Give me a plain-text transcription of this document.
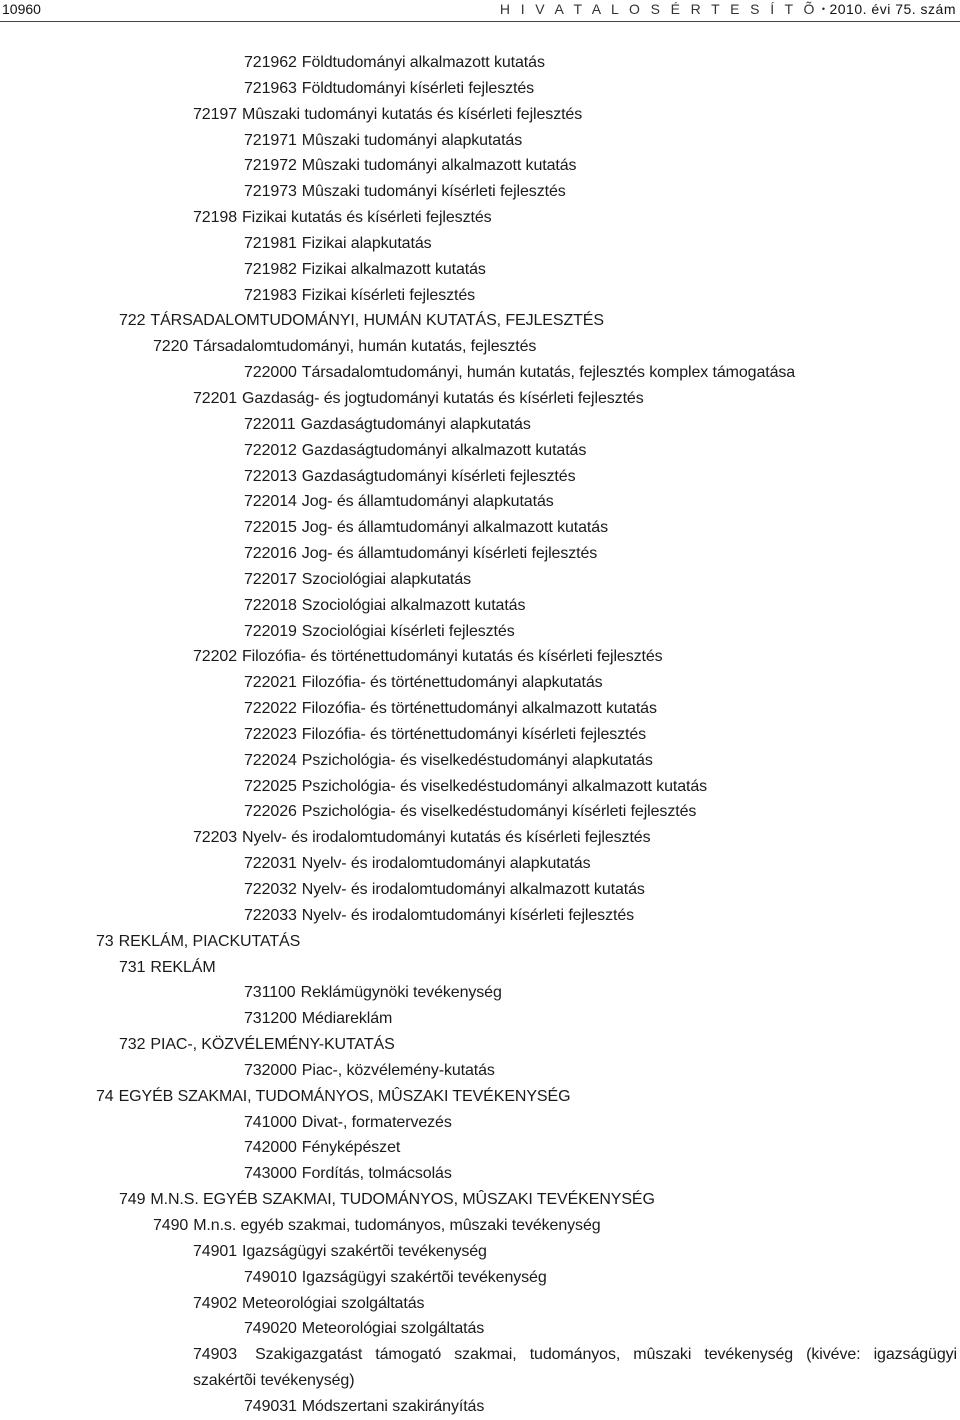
10960	H I V A T A L O S É R T E S Í T Õ • 2010. évi 75. szám
721962 Földtudományi alkalmazott kutatás
721963 Földtudományi kísérleti fejlesztés
72197 Mûszaki tudományi kutatás és kísérleti fejlesztés
721971 Mûszaki tudományi alapkutatás
721972 Mûszaki tudományi alkalmazott kutatás
721973 Mûszaki tudományi kísérleti fejlesztés
72198 Fizikai kutatás és kísérleti fejlesztés
721981 Fizikai alapkutatás
721982 Fizikai alkalmazott kutatás
721983 Fizikai kísérleti fejlesztés
722 TÁRSADALOMTUDOMÁNYI, HUMÁN KUTATÁS, FEJLESZTÉS
7220 Társadalomtudományi, humán kutatás, fejlesztés
722000 Társadalomtudományi, humán kutatás, fejlesztés komplex támogatása
72201 Gazdaság- és jogtudományi kutatás és kísérleti fejlesztés
722011 Gazdaságtudományi alapkutatás
722012 Gazdaságtudományi alkalmazott kutatás
722013 Gazdaságtudományi kísérleti fejlesztés
722014 Jog- és államtudományi alapkutatás
722015 Jog- és államtudományi alkalmazott kutatás
722016 Jog- és államtudományi kísérleti fejlesztés
722017 Szociológiai alapkutatás
722018 Szociológiai alkalmazott kutatás
722019 Szociológiai kísérleti fejlesztés
72202 Filozófia- és történettudományi kutatás és kísérleti fejlesztés
722021 Filozófia- és történettudományi alapkutatás
722022 Filozófia- és történettudományi alkalmazott kutatás
722023 Filozófia- és történettudományi kísérleti fejlesztés
722024 Pszichológia- és viselkedéstudományi alapkutatás
722025 Pszichológia- és viselkedéstudományi alkalmazott kutatás
722026 Pszichológia- és viselkedéstudományi kísérleti fejlesztés
72203 Nyelv- és irodalomtudományi kutatás és kísérleti fejlesztés
722031 Nyelv- és irodalomtudományi alapkutatás
722032 Nyelv- és irodalomtudományi alkalmazott kutatás
722033 Nyelv- és irodalomtudományi kísérleti fejlesztés
73 REKLÁM, PIACKUTATÁS
731 REKLÁM
731100 Reklámügynöki tevékenység
731200 Médiareklám
732 PIAC-, KÖZVÉLEMÉNY-KUTATÁS
732000 Piac-, közvélemény-kutatás
74 EGYÉB SZAKMAI, TUDOMÁNYOS, MÛSZAKI TEVÉKENYSÉG
741000 Divat-, formatervezés
742000 Fényképészet
743000 Fordítás, tolmácsolás
749 M.N.S. EGYÉB SZAKMAI, TUDOMÁNYOS, MÛSZAKI TEVÉKENYSÉG
7490 M.n.s. egyéb szakmai, tudományos, mûszaki tevékenység
74901 Igazságügyi szakértõi tevékenység
749010 Igazságügyi szakértõi tevékenység
74902 Meteorológiai szolgáltatás
749020 Meteorológiai szolgáltatás
74903 Szakigazgatást támogató szakmai, tudományos, mûszaki tevékenység (kivéve: igazságügyi
szakértõi tevékenység)
749031 Módszertani szakirányítás
